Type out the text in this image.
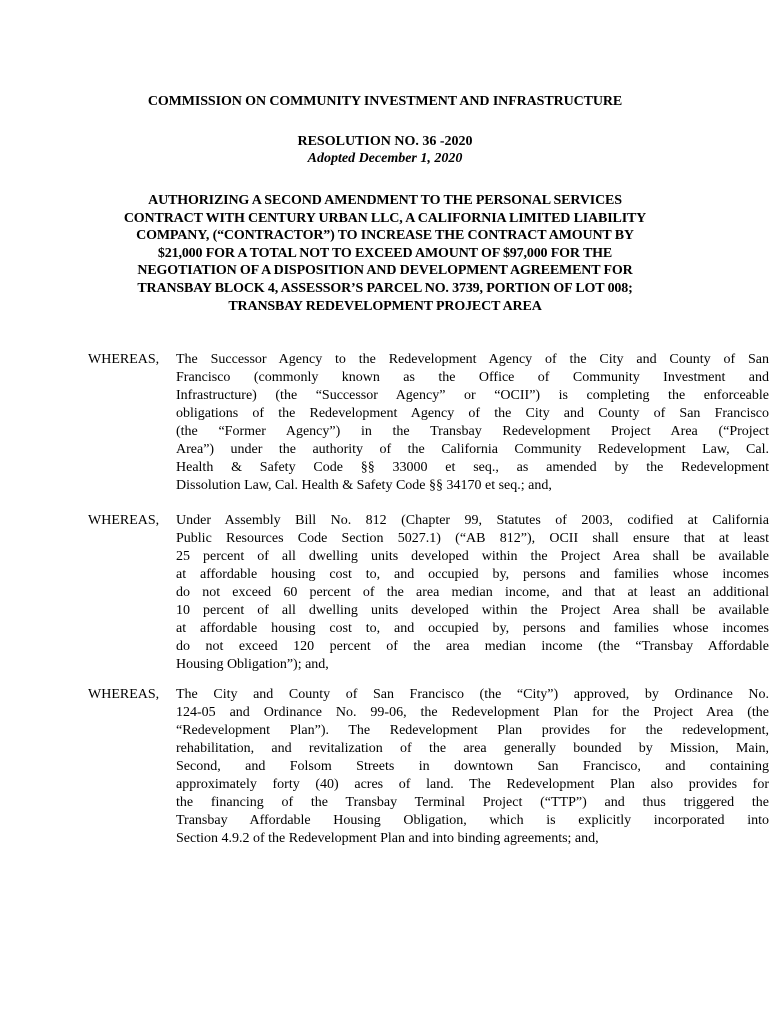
COMMISSION ON COMMUNITY INVESTMENT AND INFRASTRUCTURE
RESOLUTION NO. 36 -2020
Adopted December 1, 2020
AUTHORIZING A SECOND AMENDMENT TO THE PERSONAL SERVICES
CONTRACT WITH CENTURY URBAN LLC, A CALIFORNIA LIMITED LIABILITY
COMPANY, (“CONTRACTOR”) TO INCREASE THE CONTRACT AMOUNT BY
$21,000 FOR A TOTAL NOT TO EXCEED AMOUNT OF $97,000 FOR THE
NEGOTIATION OF A DISPOSITION AND DEVELOPMENT AGREEMENT FOR
TRANSBAY BLOCK 4, ASSESSOR’S PARCEL NO. 3739, PORTION OF LOT 008;
TRANSBAY REDEVELOPMENT PROJECT AREA
WHEREAS, The Successor Agency to the Redevelopment Agency of the City and County of San
Francisco (commonly known as the Office of Community Investment and
Infrastructure) (the “Successor Agency” or “OCII”) is completing the enforceable
obligations of the Redevelopment Agency of the City and County of San Francisco
(the “Former Agency”) in the Transbay Redevelopment Project Area (“Project
Area”) under the authority of the California Community Redevelopment Law, Cal.
Health & Safety Code §§ 33000 et seq., as amended by the Redevelopment
Dissolution Law, Cal. Health & Safety Code §§ 34170 et seq.; and,
WHEREAS, Under Assembly Bill No. 812 (Chapter 99, Statutes of 2003, codified at California
Public Resources Code Section 5027.1) (“AB 812”), OCII shall ensure that at least
25 percent of all dwelling units developed within the Project Area shall be available
at affordable housing cost to, and occupied by, persons and families whose incomes
do not exceed 60 percent of the area median income, and that at least an additional
10 percent of all dwelling units developed within the Project Area shall be available
at affordable housing cost to, and occupied by, persons and families whose incomes
do not exceed 120 percent of the area median income (the “Transbay Affordable
Housing Obligation”); and,
WHEREAS, The City and County of San Francisco (the “City”) approved, by Ordinance No.
124-05 and Ordinance No. 99-06, the Redevelopment Plan for the Project Area (the
“Redevelopment Plan”). The Redevelopment Plan provides for the redevelopment,
rehabilitation, and revitalization of the area generally bounded by Mission, Main,
Second, and Folsom Streets in downtown San Francisco, and containing
approximately forty (40) acres of land. The Redevelopment Plan also provides for
the financing of the Transbay Terminal Project (“TTP”) and thus triggered the
Transbay Affordable Housing Obligation, which is explicitly incorporated into
Section 4.9.2 of the Redevelopment Plan and into binding agreements; and,
